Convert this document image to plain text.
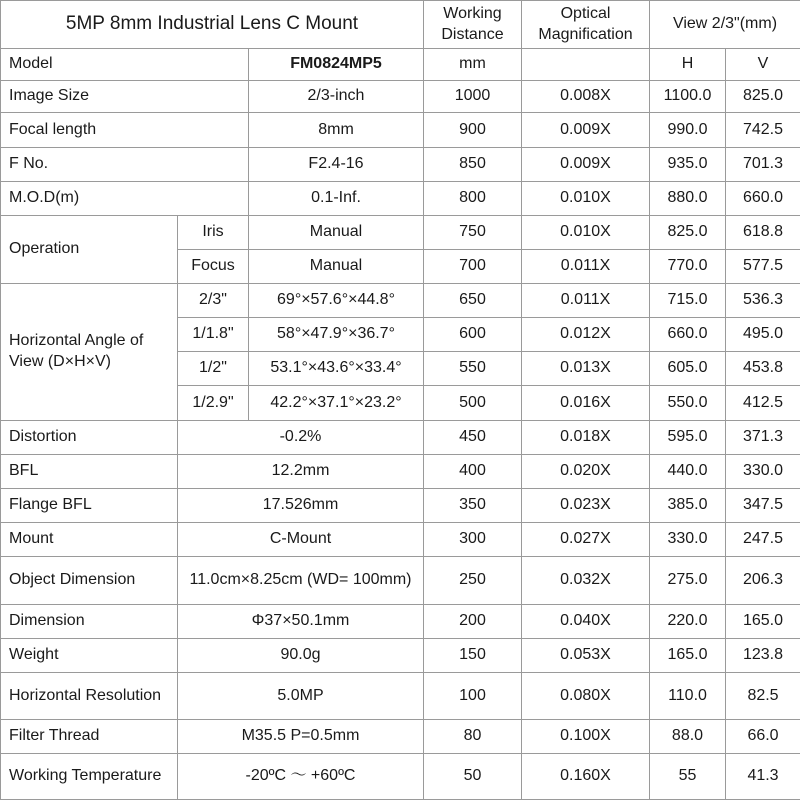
5MP 8mm Industrial Lens C Mount			Working Distance	Optical Magnification	View 2/3"(mm)	
Model		FM0824MP5	mm		H	V
Image Size		2/3-inch	1000	0.008X	1100.0	825.0
Focal length		8mm	900	0.009X	990.0	742.5
F No.		F2.4-16	850	0.009X	935.0	701.3
M.O.D(m)		0.1-Inf.	800	0.010X	880.0	660.0
Operation	Iris	Manual	750	0.010X	825.0	618.8
	Focus	Manual	700	0.011X	770.0	577.5
Horizontal Angle of View (D×H×V)	2/3"	69°×57.6°×44.8°	650	0.011X	715.0	536.3
	1/1.8"	58°×47.9°×36.7°	600	0.012X	660.0	495.0
	1/2"	53.1°×43.6°×33.4°	550	0.013X	605.0	453.8
	1/2.9"	42.2°×37.1°×23.2°	500	0.016X	550.0	412.5
Distortion	-0.2%		450	0.018X	595.0	371.3
BFL	12.2mm		400	0.020X	440.0	330.0
Flange BFL	17.526mm		350	0.023X	385.0	347.5
Mount	C-Mount		300	0.027X	330.0	247.5
Object Dimension	11.0cm×8.25cm (WD= 100mm)		250	0.032X	275.0	206.3
Dimension	Φ37×50.1mm		200	0.040X	220.0	165.0
Weight	90.0g		150	0.053X	165.0	123.8
Horizontal Resolution	5.0MP		100	0.080X	110.0	82.5
Filter Thread	M35.5 P=0.5mm		80	0.100X	88.0	66.0
Working Temperature	-20ºC ～ +60ºC		50	0.160X	55	41.3
